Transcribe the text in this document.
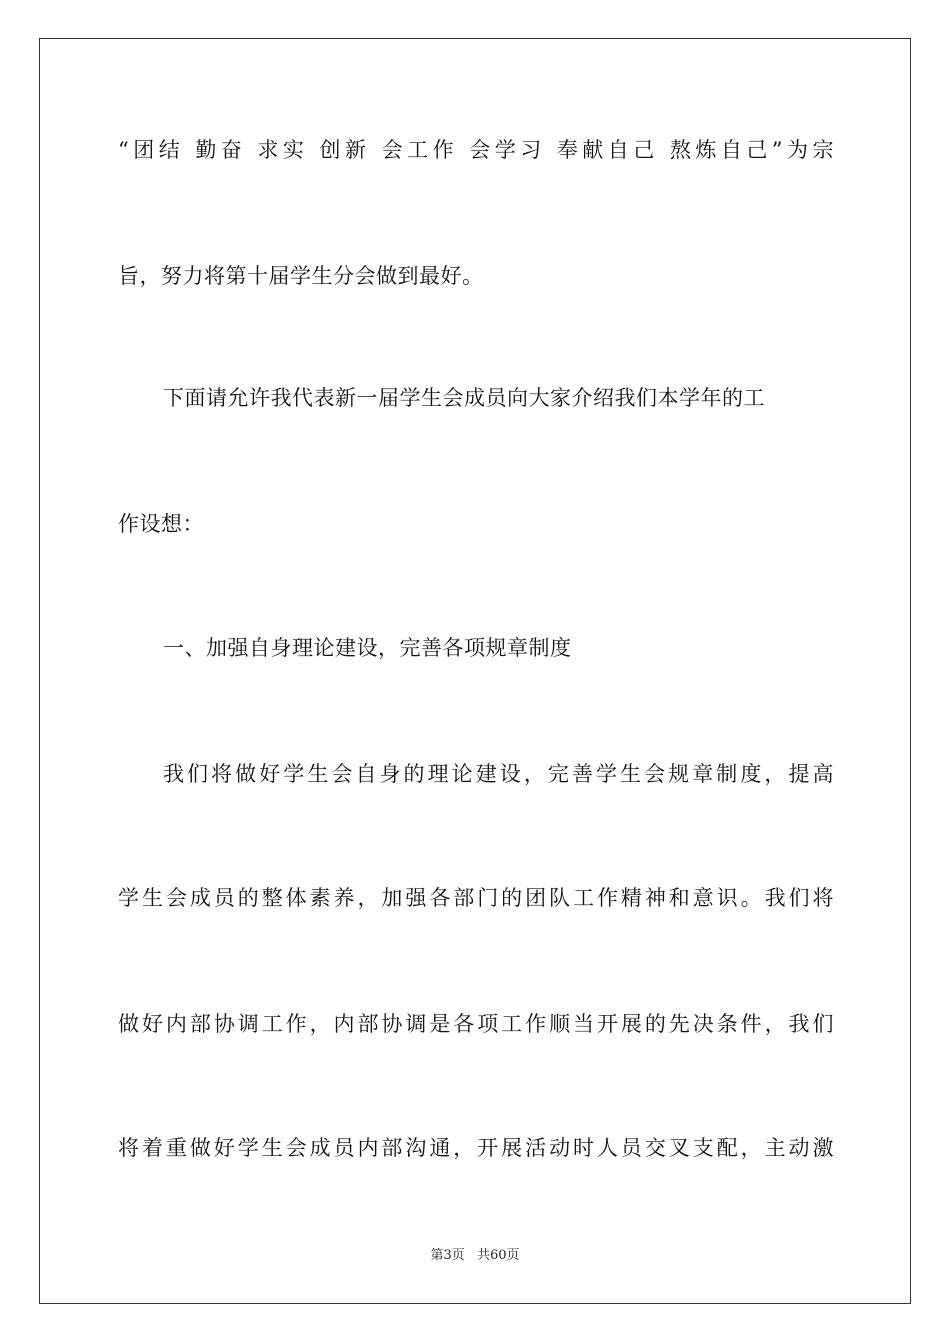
“团结 勤奋 求实 创新 会工作 会学习 奉献自己 熬炼自己”为宗
旨，努力将第十届学生分会做到最好。
下面请允许我代表新一届学生会成员向大家介绍我们本学年的工
作设想：
一、加强自身理论建设，完善各项规章制度
我们将做好学生会自身的理论建设，完善学生会规章制度，提高
学生会成员的整体素养，加强各部门的团队工作精神和意识。我们将
做好内部协调工作，内部协调是各项工作顺当开展的先决条件，我们
将着重做好学生会成员内部沟通，开展活动时人员交叉支配，主动激
第3页 共60页
